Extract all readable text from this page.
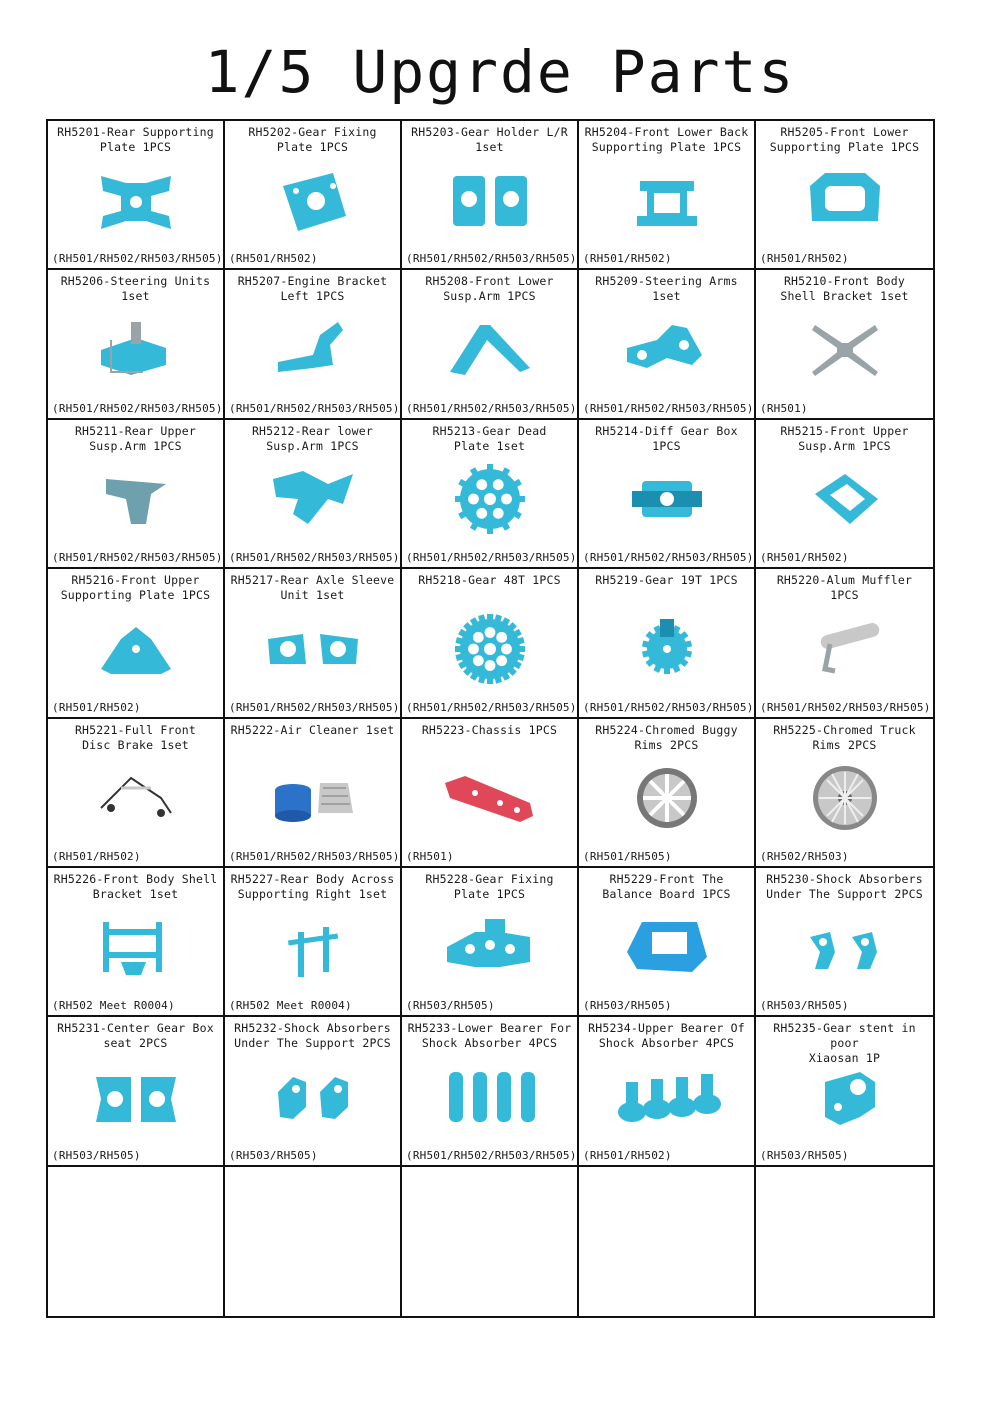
1/5 Upgrde Parts
RH5201-Rear Supporting
Plate 1PCS
(RH501/RH502/RH503/RH505)
RH5202-Gear Fixing
Plate 1PCS
(RH501/RH502)
RH5203-Gear Holder L/R
1set
(RH501/RH502/RH503/RH505)
RH5204-Front Lower Back
Supporting Plate 1PCS
(RH501/RH502)
RH5205-Front Lower
Supporting Plate 1PCS
(RH501/RH502)
RH5206-Steering Units
1set
(RH501/RH502/RH503/RH505)
RH5207-Engine Bracket
Left 1PCS
(RH501/RH502/RH503/RH505)
RH5208-Front Lower
Susp.Arm 1PCS
(RH501/RH502/RH503/RH505)
RH5209-Steering Arms 1set
(RH501/RH502/RH503/RH505)
RH5210-Front Body
Shell Bracket 1set
(RH501)
RH5211-Rear Upper
Susp.Arm 1PCS
(RH501/RH502/RH503/RH505)
RH5212-Rear lower
Susp.Arm 1PCS
(RH501/RH502/RH503/RH505)
RH5213-Gear Dead
Plate 1set
(RH501/RH502/RH503/RH505)
RH5214-Diff Gear Box 1PCS
(RH501/RH502/RH503/RH505)
RH5215-Front Upper
Susp.Arm 1PCS
(RH501/RH502)
RH5216-Front Upper
Supporting Plate 1PCS
(RH501/RH502)
RH5217-Rear Axle Sleeve
Unit 1set
(RH501/RH502/RH503/RH505)
RH5218-Gear 48T 1PCS
(RH501/RH502/RH503/RH505)
RH5219-Gear 19T 1PCS
(RH501/RH502/RH503/RH505)
RH5220-Alum Muffler 1PCS
(RH501/RH502/RH503/RH505)
RH5221-Full Front
Disc Brake 1set
(RH501/RH502)
RH5222-Air Cleaner 1set
(RH501/RH502/RH503/RH505)
RH5223-Chassis 1PCS
(RH501)
RH5224-Chromed Buggy
Rims 2PCS
(RH501/RH505)
RH5225-Chromed Truck
Rims 2PCS
(RH502/RH503)
RH5226-Front Body Shell
Bracket 1set
(RH502 Meet R0004)
RH5227-Rear Body Across
Supporting Right 1set
(RH502 Meet R0004)
RH5228-Gear Fixing
Plate 1PCS
(RH503/RH505)
RH5229-Front The
Balance Board 1PCS
(RH503/RH505)
RH5230-Shock Absorbers
Under The Support 2PCS
(RH503/RH505)
RH5231-Center Gear Box
seat 2PCS
(RH503/RH505)
RH5232-Shock Absorbers
Under The Support 2PCS
(RH503/RH505)
RH5233-Lower Bearer For
Shock Absorber 4PCS
(RH501/RH502/RH503/RH505)
RH5234-Upper Bearer Of
Shock Absorber 4PCS
(RH501/RH502)
RH5235-Gear stent in poor
Xiaosan 1P
(RH503/RH505)
